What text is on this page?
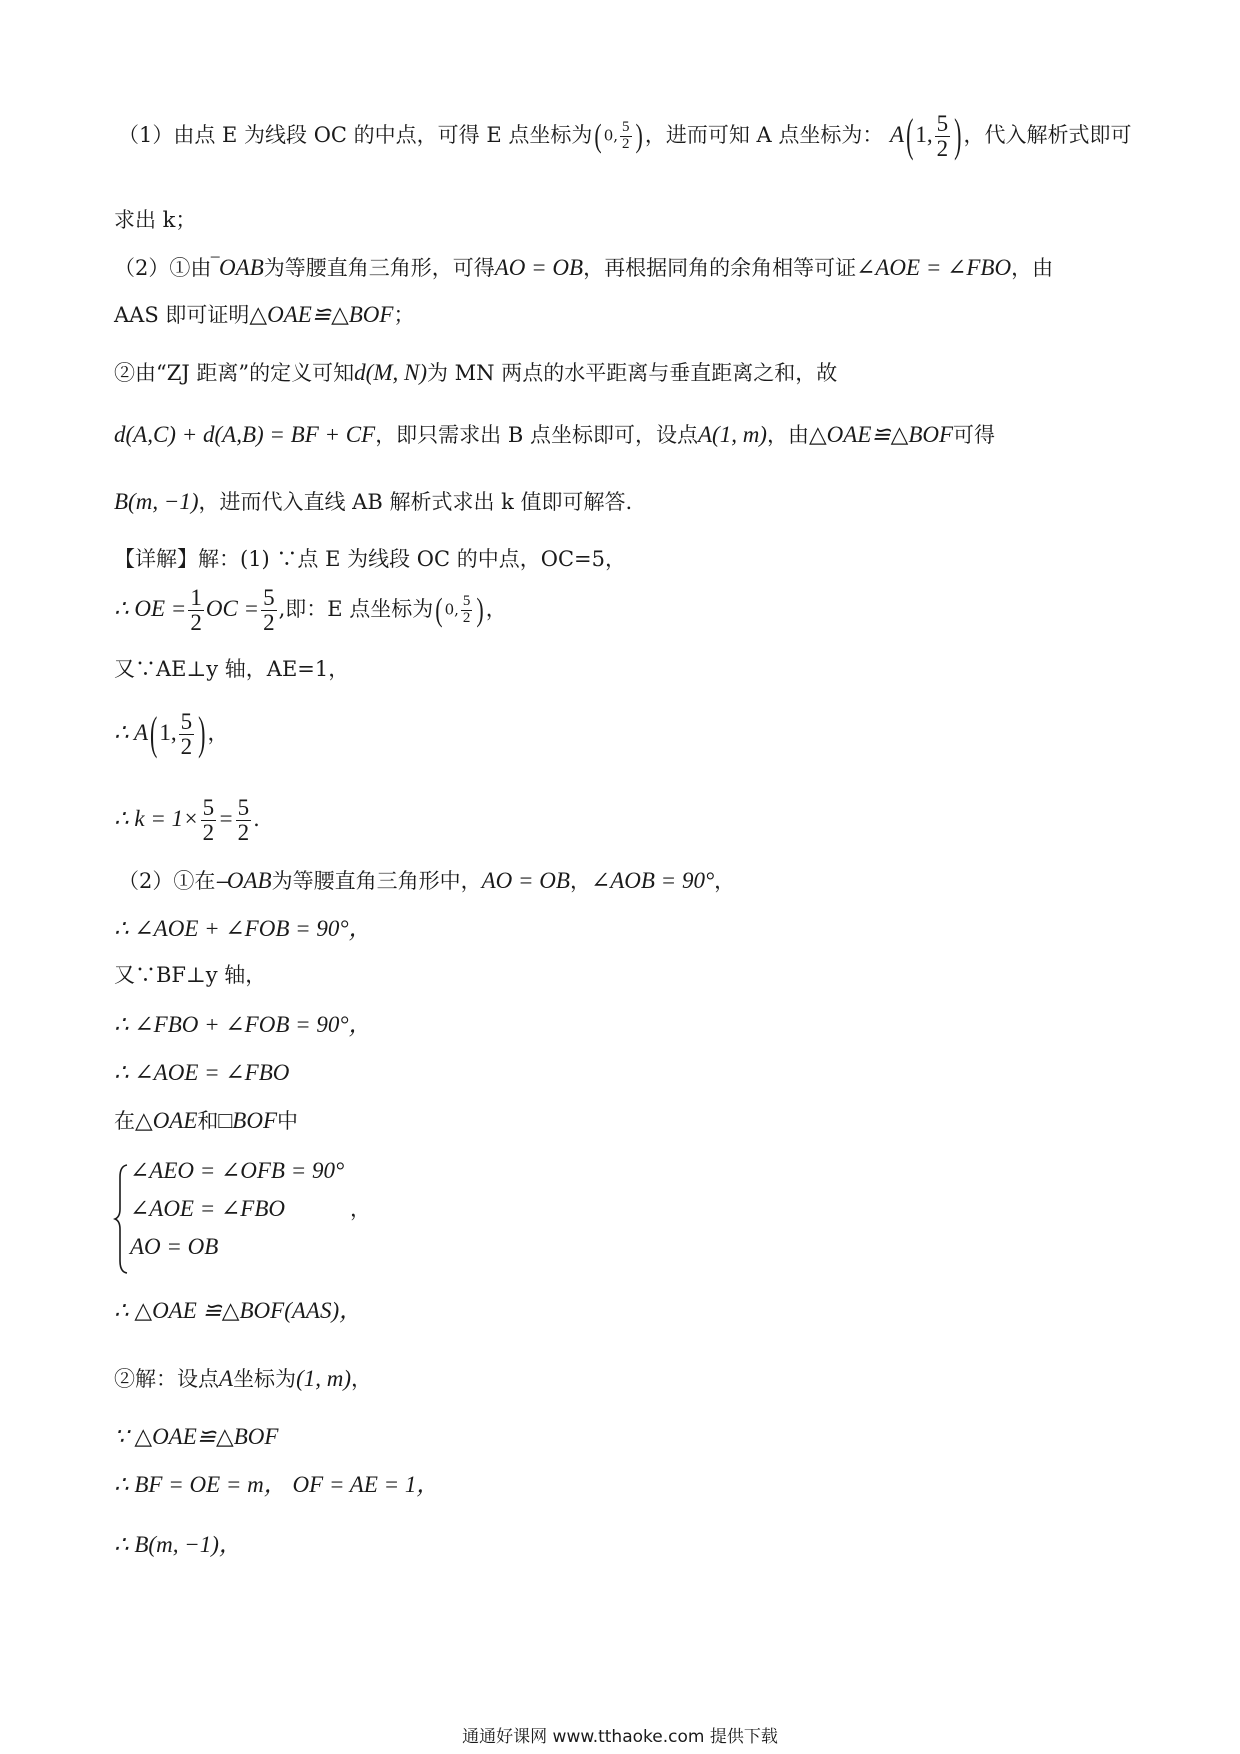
（1）由点 E 为线段 OC 的中点，可得 E 点坐标为( 0, $\frac{5}{2}$ )，进而可知 A 点坐标为： A(1, $\frac{5}{2}$ )，代入解析式即可
求出 k；
（2）①由‾OAB为等腰直角三角形，可得AO = OB，再根据同角的余角相等可证∠AOE = ∠FBO，由
AAS 即可证明△OAE≌△BOF；
②由“ZJ 距离”的定义可知d(M, N)为 MN 两点的水平距离与垂直距离之和，故
d(A,C) + d(A,B) = BF + CF，即只需求出 B 点坐标即可，设点A(1, m)，由△OAE≌△BOF可得
B(m, −1)，进而代入直线 AB 解析式求出 k 值即可解答.
【详解】解：(1) ∵点 E 为线段 OC 的中点，OC=5，
∴ OE = $\frac{1}{2}$ OC = $\frac{5}{2}$ ,即：E 点坐标为( 0, $\frac{5}{2}$ )，
又∵AE⊥y 轴，AE=1，
∴ A(1, $\frac{5}{2}$ )，
∴ $k = 1\times \frac{5}{2} = \frac{5}{2}$ .
（2）①在⎯OAB为等腰直角三角形中，AO = OB，∠AOB = 90°，
∴ ∠AOE + ∠FOB = 90°，
又∵BF⊥y 轴，
∴ ∠FBO + ∠FOB = 90°，
∴ ∠AOE = ∠FBO
在△OAE和□BOF中
∠AEO = ∠OFB = 90°
∠AOE = ∠FBO
AO = OB
，
∴ △OAE ≌△BOF(AAS)，
②解：设点A坐标为(1, m)，
∵ △OAE≌△BOF
∴ BF = OE = m， OF = AE = 1，
∴ B(m, −1)，
通通好课网 www.tthaoke.com 提供下载
